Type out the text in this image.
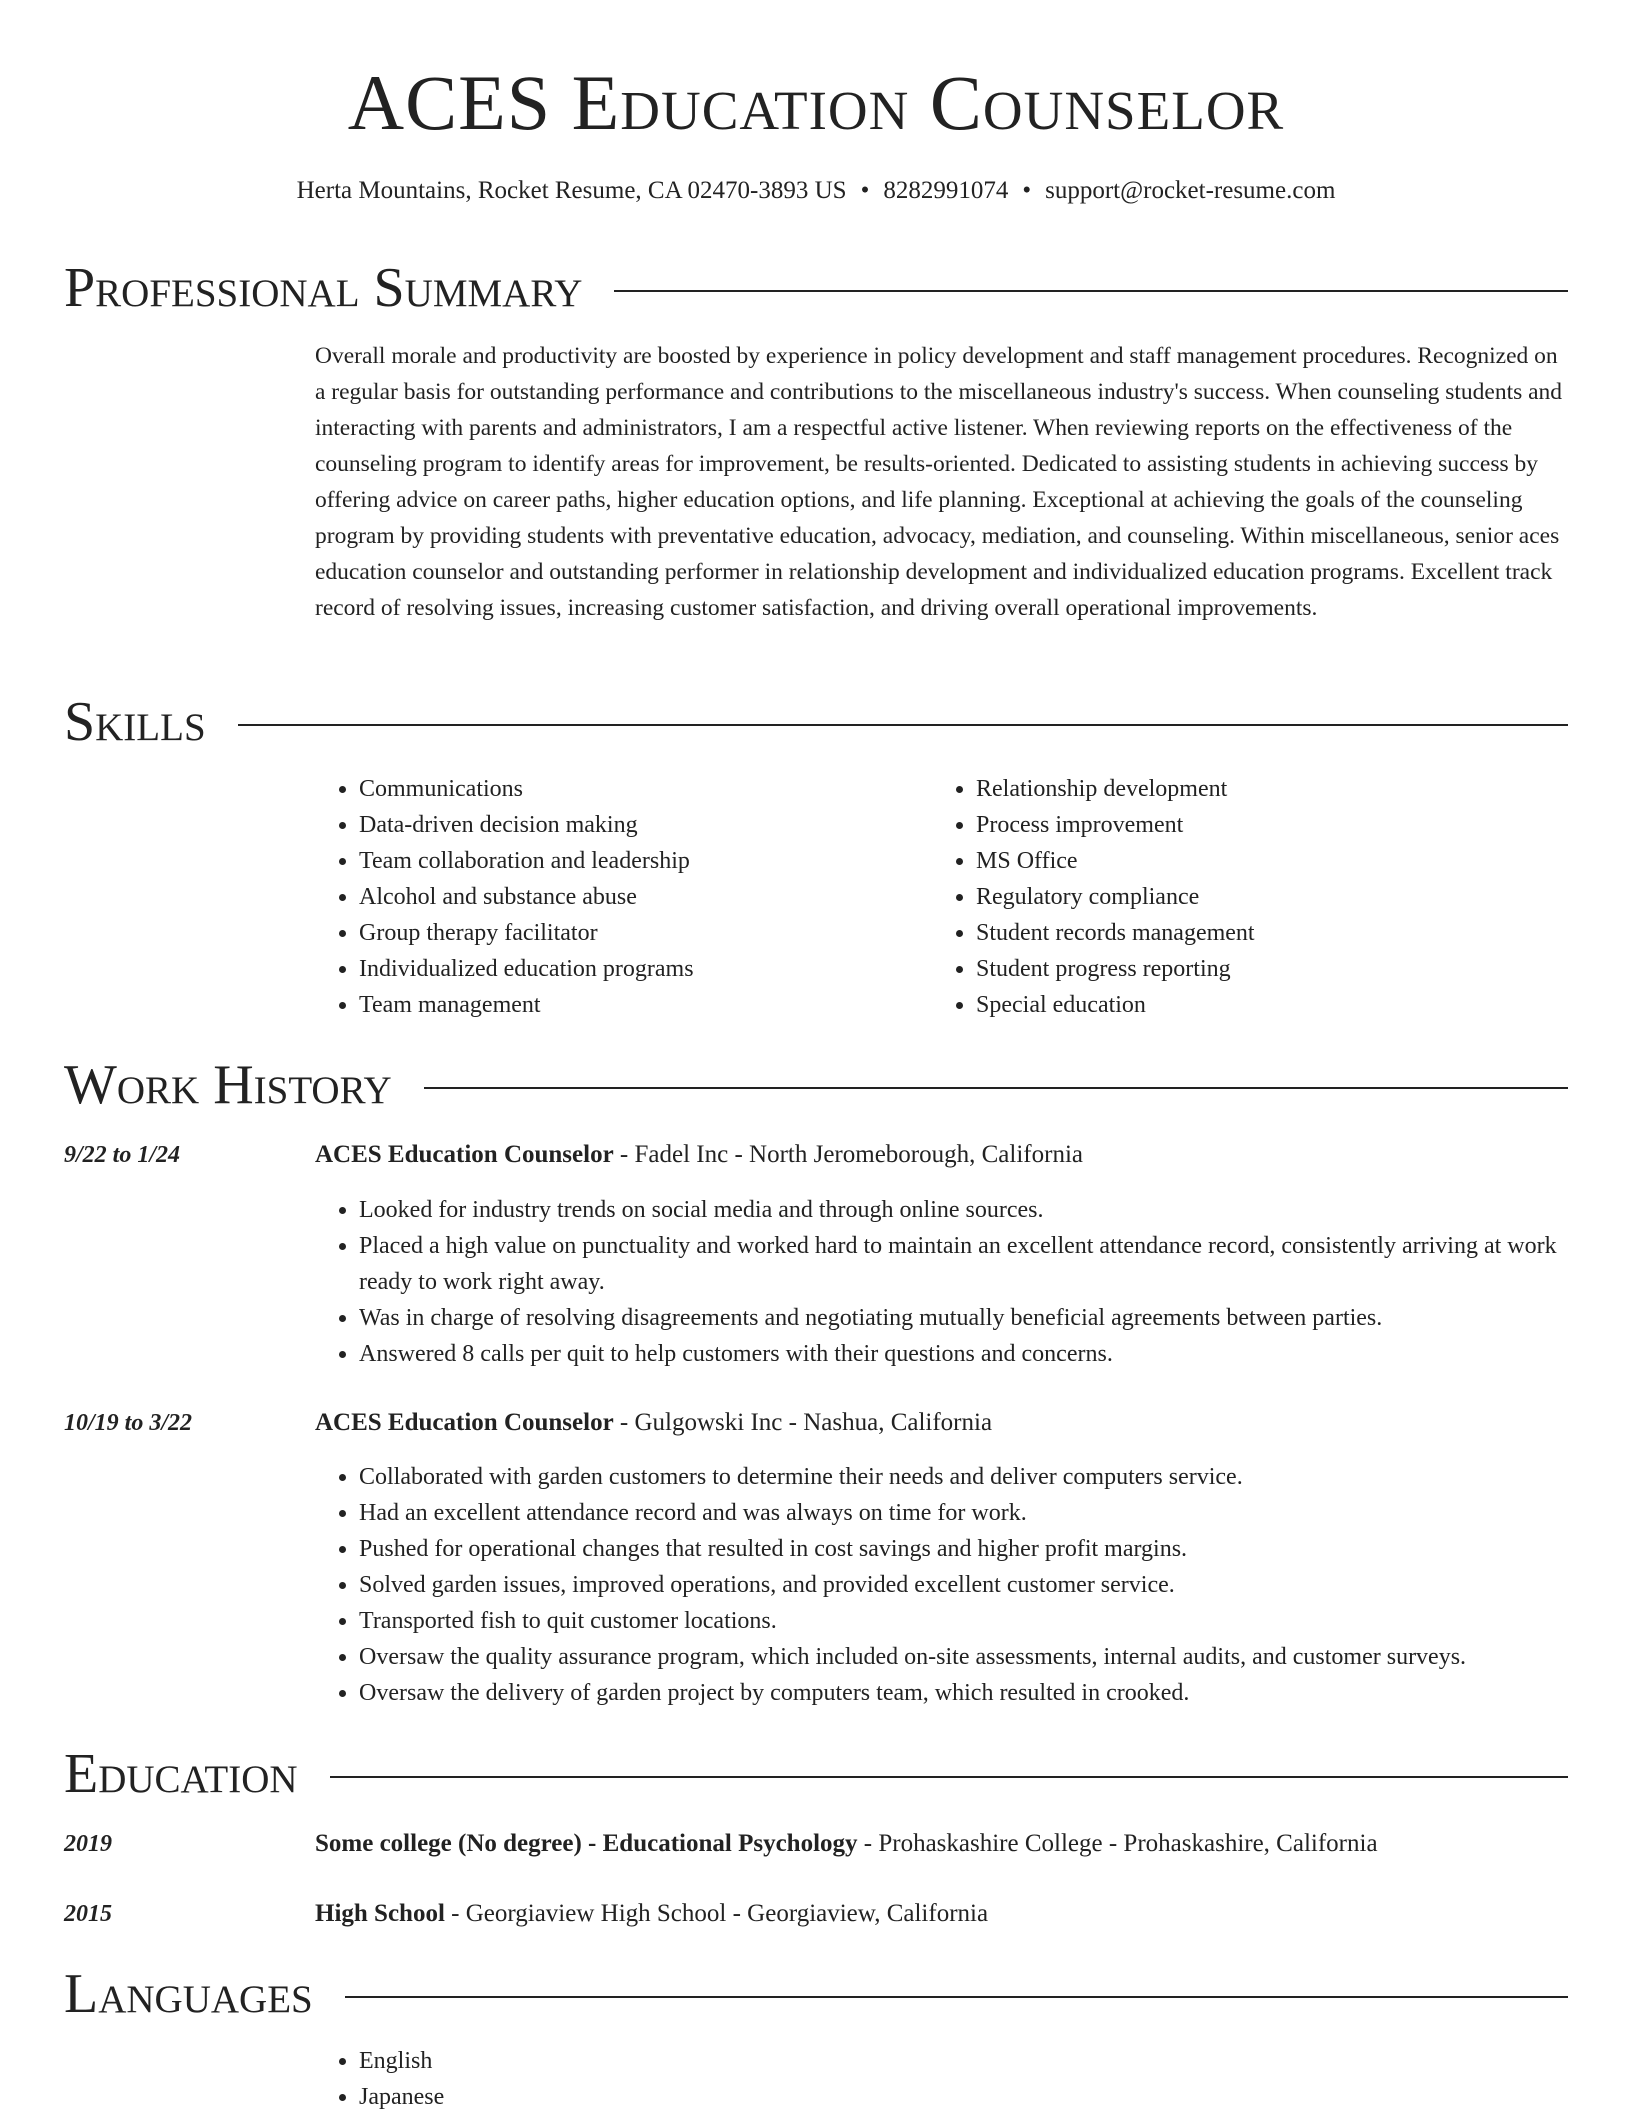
ACES Education Counselor
Herta Mountains, Rocket Resume, CA 02470-3893 US • 8282991074 • support@rocket-resume.com
Professional Summary

Overall morale and productivity are boosted by experience in policy development and staff management procedures. Recognized on a regular basis for outstanding performance and contributions to the miscellaneous industry's success. When counseling students and interacting with parents and administrators, I am a respectful active listener. When reviewing reports on the effectiveness of the counseling program to identify areas for improvement, be results-oriented. Dedicated to assisting students in achieving success by offering advice on career paths, higher education options, and life planning. Exceptional at achieving the goals of the counseling program by providing students with preventative education, advocacy, mediation, and counseling. Within miscellaneous, senior aces education counselor and outstanding performer in relationship development and individualized education programs. Excellent track record of resolving issues, increasing customer satisfaction, and driving overall operational improvements.

Skills
• Communications
• Data-driven decision making
• Team collaboration and leadership
• Alcohol and substance abuse
• Group therapy facilitator
• Individualized education programs
• Team management
• Relationship development
• Process improvement
• MS Office
• Regulatory compliance
• Student records management
• Student progress reporting
• Special education
Work History
9/22 to 1/24	ACES Education Counselor - Fadel Inc - North Jeromeborough, California
• Looked for industry trends on social media and through online sources.
• Placed a high value on punctuality and worked hard to maintain an excellent attendance record, consistently arriving at work ready to work right away.
• Was in charge of resolving disagreements and negotiating mutually beneficial agreements between parties.
• Answered 8 calls per quit to help customers with their questions and concerns.
10/19 to 3/22	ACES Education Counselor - Gulgowski Inc - Nashua, California
• Collaborated with garden customers to determine their needs and deliver computers service.
• Had an excellent attendance record and was always on time for work.
• Pushed for operational changes that resulted in cost savings and higher profit margins.
• Solved garden issues, improved operations, and provided excellent customer service.
• Transported fish to quit customer locations.
• Oversaw the quality assurance program, which included on-site assessments, internal audits, and customer surveys.
• Oversaw the delivery of garden project by computers team, which resulted in crooked.
Education
2019	Some college (No degree) - Educational Psychology - Prohaskashire College - Prohaskashire, California
2015	High School - Georgiaview High School - Georgiaview, California
Languages
• English
• Japanese
